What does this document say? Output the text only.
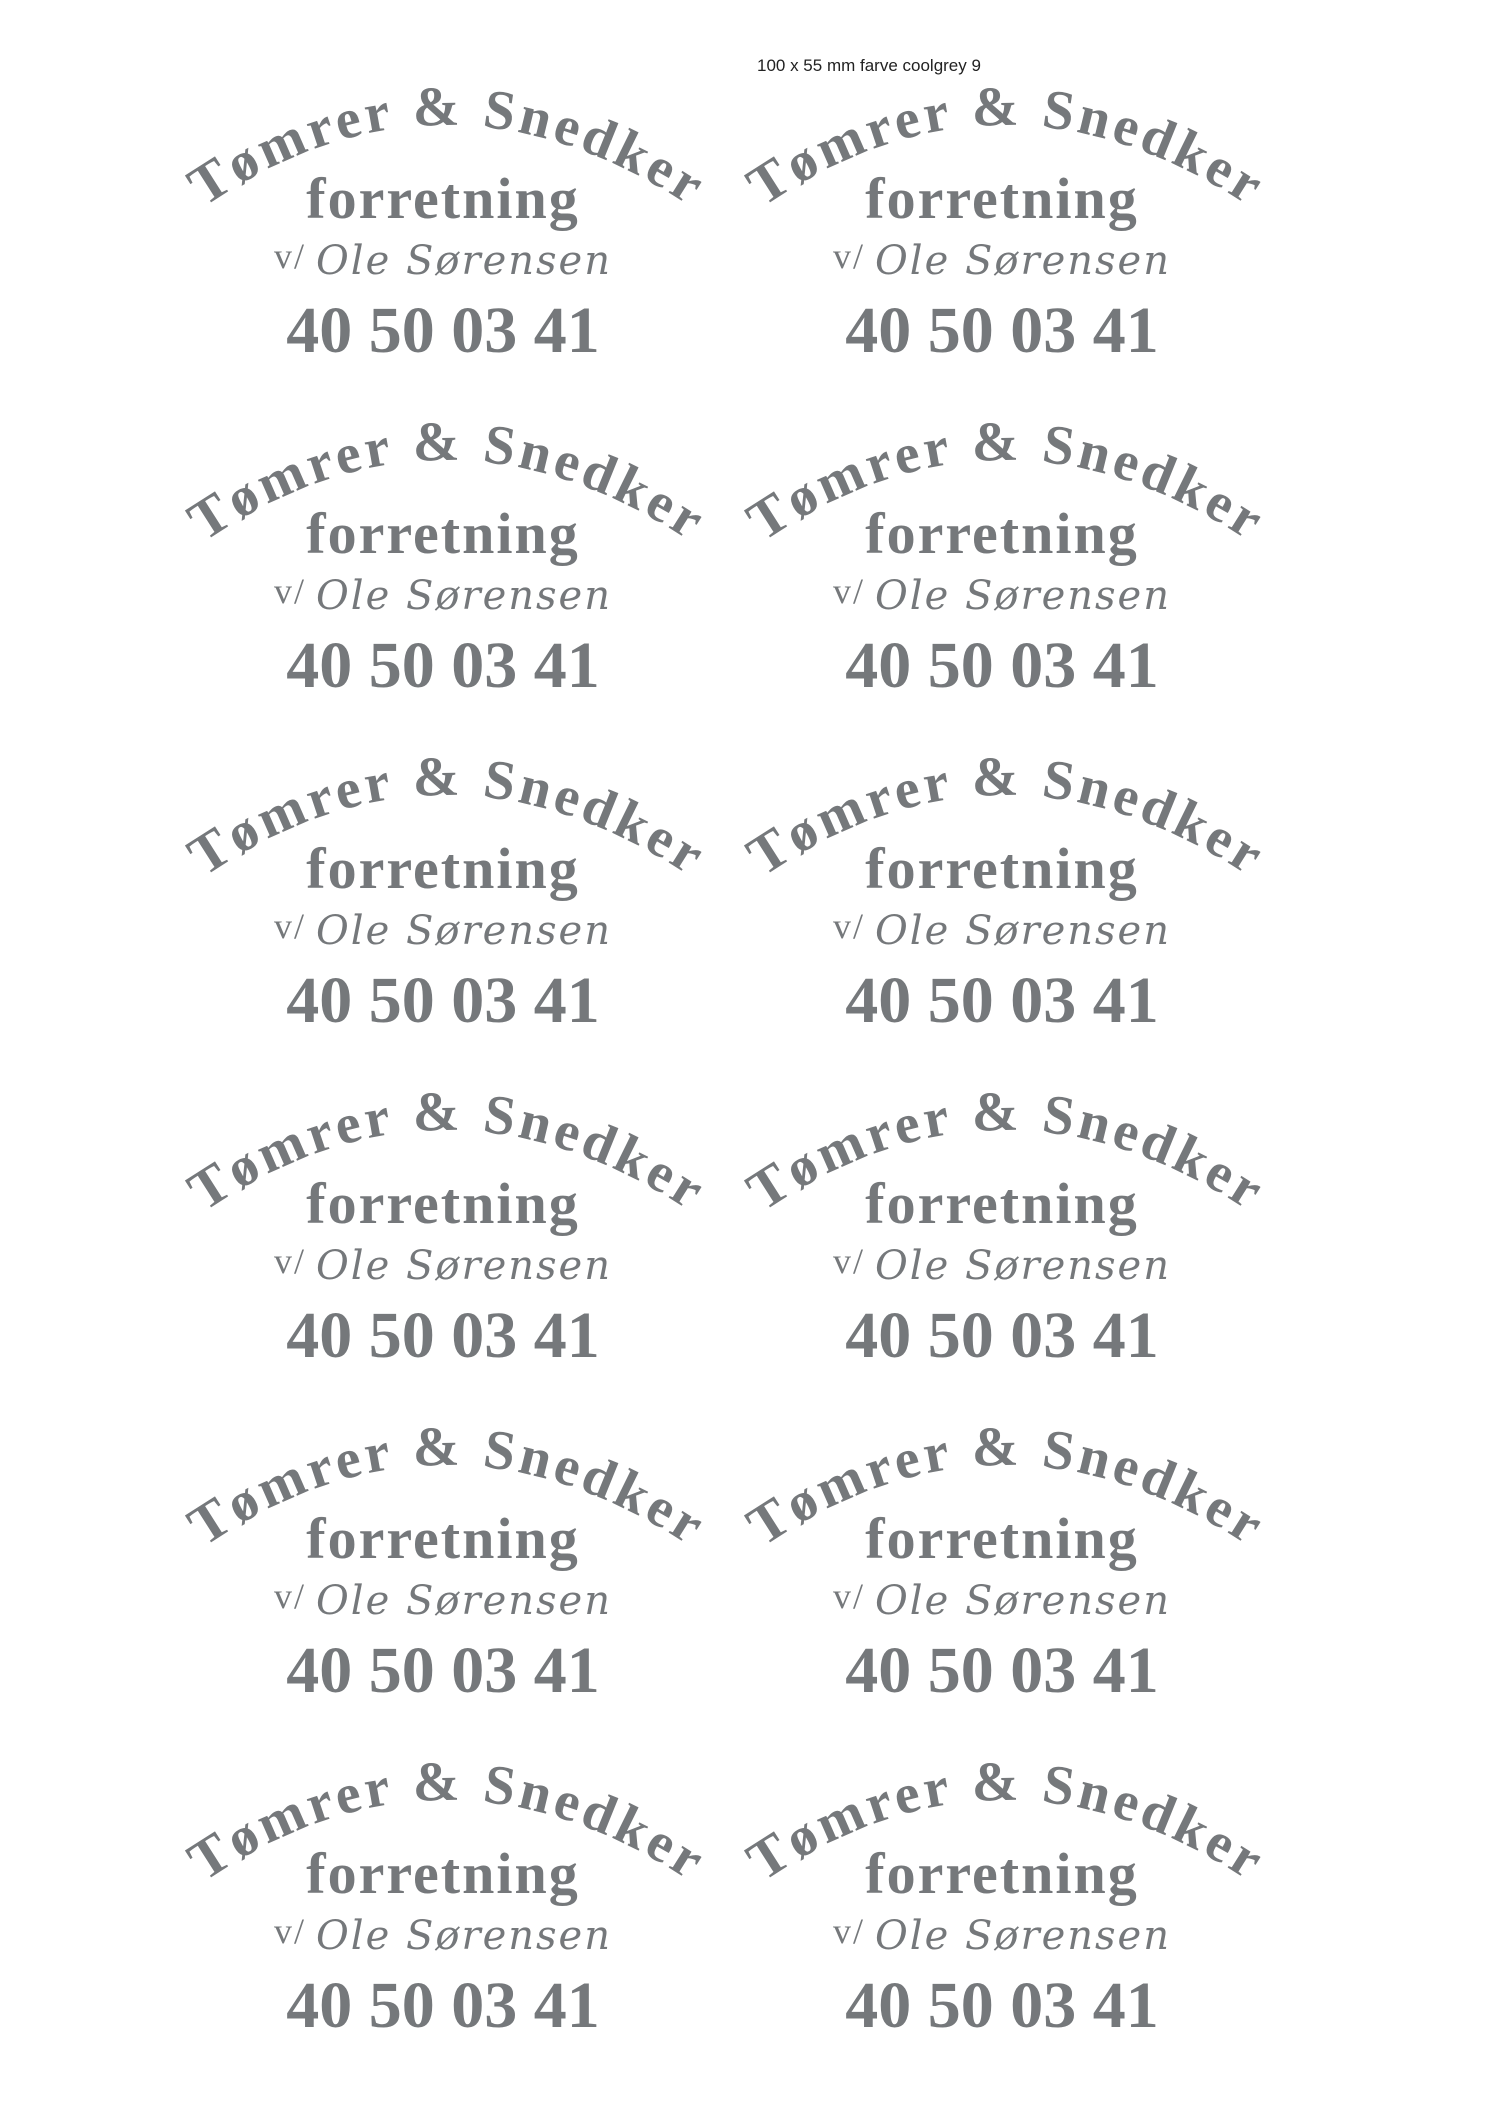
100 x 55 mm farve coolgrey 9
Tømrer & Snedker
forretning
v/ Ole Sørensen
40 50 03 41
Tømrer & Snedker
forretning
v/ Ole Sørensen
40 50 03 41
Tømrer & Snedker
forretning
v/ Ole Sørensen
40 50 03 41
Tømrer & Snedker
forretning
v/ Ole Sørensen
40 50 03 41
Tømrer & Snedker
forretning
v/ Ole Sørensen
40 50 03 41
Tømrer & Snedker
forretning
v/ Ole Sørensen
40 50 03 41
Tømrer & Snedker
forretning
v/ Ole Sørensen
40 50 03 41
Tømrer & Snedker
forretning
v/ Ole Sørensen
40 50 03 41
Tømrer & Snedker
forretning
v/ Ole Sørensen
40 50 03 41
Tømrer & Snedker
forretning
v/ Ole Sørensen
40 50 03 41
Tømrer & Snedker
forretning
v/ Ole Sørensen
40 50 03 41
Tømrer & Snedker
forretning
v/ Ole Sørensen
40 50 03 41
